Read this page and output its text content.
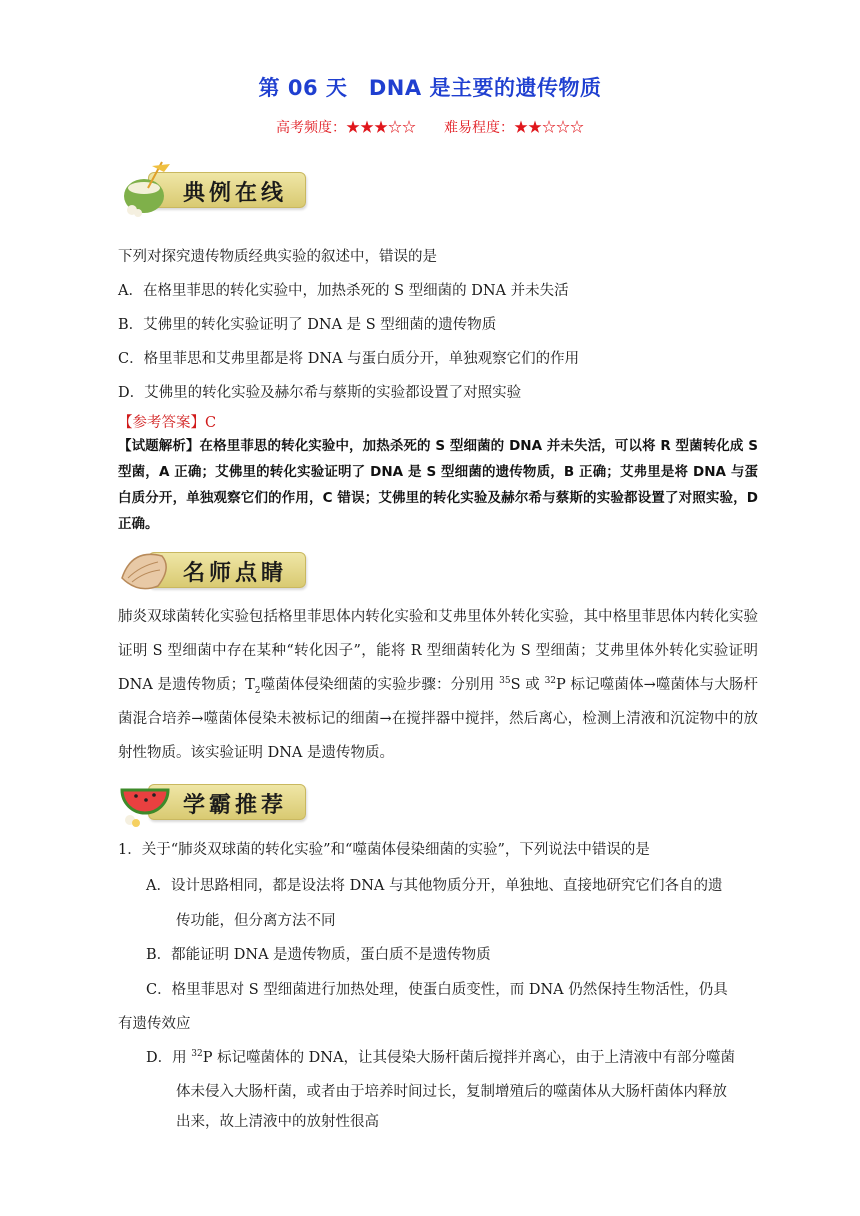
第 06 天　DNA 是主要的遗传物质
高考频度：★★★☆☆　　难易程度：★★☆☆☆
典例在线
下列对探究遗传物质经典实验的叙述中，错误的是
A．在格里菲思的转化实验中，加热杀死的 S 型细菌的 DNA 并未失活
B．艾佛里的转化实验证明了 DNA 是 S 型细菌的遗传物质
C．格里菲思和艾弗里都是将 DNA 与蛋白质分开，单独观察它们的作用
D．艾佛里的转化实验及赫尔希与蔡斯的实验都设置了对照实验
【参考答案】C
【试题解析】在格里菲思的转化实验中，加热杀死的 S 型细菌的 DNA 并未失活，可以将 R 型菌转化成 S 型菌，A 正确；艾佛里的转化实验证明了 DNA 是 S 型细菌的遗传物质，B 正确；艾弗里是将 DNA 与蛋白质分开，单独观察它们的作用，C 错误；艾佛里的转化实验及赫尔希与蔡斯的实验都设置了对照实验，D 正确。
名师点睛
肺炎双球菌转化实验包括格里菲思体内转化实验和艾弗里体外转化实验，其中格里菲思体内转化实验证明 S 型细菌中存在某种“转化因子”，能将 R 型细菌转化为 S 型细菌；艾弗里体外转化实验证明 DNA 是遗传物质；$T_2$噬菌体侵染细菌的实验步骤：分别用 $^{35}$S 或 $^{32}$P 标记噬菌体→噬菌体与大肠杆菌混合培养→噬菌体侵染未被标记的细菌→在搅拌器中搅拌，然后离心，检测上清液和沉淀物中的放射性物质。该实验证明 DNA 是遗传物质。
学霸推荐
1．关于“肺炎双球菌的转化实验”和“噬菌体侵染细菌的实验”，下列说法中错误的是
A．设计思路相同，都是设法将 DNA 与其他物质分开，单独地、直接地研究它们各自的遗
传功能，但分离方法不同
B．都能证明 DNA 是遗传物质，蛋白质不是遗传物质
C．格里菲思对 S 型细菌进行加热处理，使蛋白质变性，而 DNA 仍然保持生物活性，仍具
有遗传效应
D．用 $^{32}$P 标记噬菌体的 DNA，让其侵染大肠杆菌后搅拌并离心，由于上清液中有部分噬菌
体未侵入大肠杆菌，或者由于培养时间过长，复制增殖后的噬菌体从大肠杆菌体内释放
出来，故上清液中的放射性很高
